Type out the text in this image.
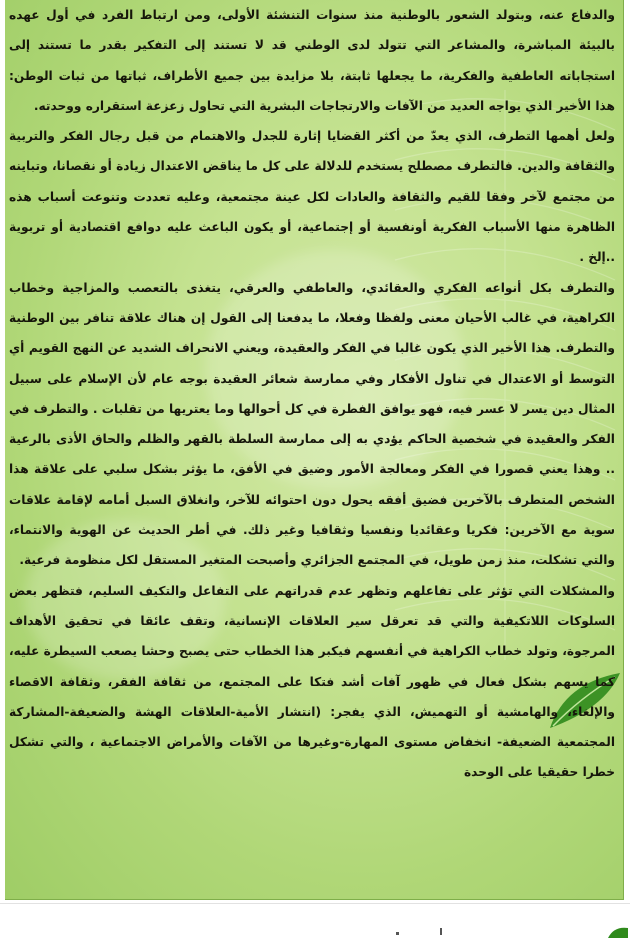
والدفاع عنه، وبتولد الشعور بالوطنية منذ سنوات التنشئة الأولى، ومن ارتباط الفرد في أول عهده بالبيئة المباشرة، والمشاعر التي تتولد لدى الوطني قد لا تستند إلى التفكير بقدر ما تستند إلى استجاباته العاطفية والفكرية، ما يجعلها ثابتة، بلا مزايدة بين جميع الأطراف، ثباتها من ثبات الوطن: هذا الأخير الذي يواجه العديد من الآفات والارتجاجات البشرية التي تحاول زعزعة استقراره ووحدته.

ولعل أهمها التطرف، الذي يعدّ من أكثر القضايا إثارة للجدل والاهتمام من قبل رجال الفكر والتربية والثقافة والدين. فالتطرف مصطلح يستخدم للدلالة على كل ما يناقض الاعتدال زيادة أو نقصانا، وتباينه من مجتمع لآخر وفقا للقيم والثقافة والعادات لكل عينة مجتمعية، وعليه تعددت وتنوعت أسباب هذه الظاهرة منها الأسباب الفكرية أونفسية أو إجتماعية، أو يكون الباعث عليه دوافع اقتصادية أو تربوية ..إلخ .

والتطرف بكل أنواعه الفكري والعقائدي، والعاطفي والعرقي، يتغذى بالتعصب والمزاجية وخطاب الكراهية، في غالب الأحيان معنى ولفظا وفعلا، ما يدفعنا إلى القول إن هناك علاقة تنافر بين الوطنية والتطرف. هذا الأخير الذي يكون غالبا في الفكر والعقيدة، ويعني الانحراف الشديد عن النهج القويم أي التوسط أو الاعتدال في تناول الأفكار وفي ممارسة شعائر العقيدة بوجه عام لأن الإسلام على سبيل المثال دين يسر لا عسر فيه، فهو يوافق الفطرة في كل أحوالها وما يعتريها من تقلبات . والتطرف في الفكر والعقيدة في شخصية الحاكم يؤدي به إلى ممارسة السلطة بالقهر والظلم والحاق الأذى بالرعية .. وهذا يعني قصورا في الفكر ومعالجة الأمور وضيق في الأفق، ما يؤثر بشكل سلبي على علاقة هذا الشخص المتطرف بالآخرين فضيق أفقه يحول دون احتوائه للآخر، وانغلاق السبل أمامه لإقامة علاقات سوية مع الآخرين: فكريا وعقائديا ونفسيا وثقافيا وغير ذلك. في أطر الحديث عن الهوية والانتماء، والتي تشكلت، منذ زمن طويل، في المجتمع الجزائري وأصبحت المتغير المستقل لكل منظومة فرعية.

والمشكلات التي تؤثر على تفاعلهم وتظهر عدم قدراتهم على التفاعل والتكيف السليم، فتظهر بعض السلوكات اللاتكيفية والتي قد تعرقل سير العلاقات الإنسانية، وتقف عائقا في تحقيق الأهداف المرجوة، وتولد خطاب الكراهية في أنفسهم فيكبر هذا الخطاب حتى يصبح وحشا يصعب السيطرة عليه، كما يسهم بشكل فعال في ظهور آفات أشد فتكا على المجتمع، من ثقافة الفقر، وثقافة الاقصاء والإلغاء، والهامشية أو التهميش، الذي يفجر: (انتشار الأمية-العلاقات الهشة والضعيفة-المشاركة المجتمعية الضعيفة- انخفاض مستوى المهارة-وغيرها من الآفات والأمراض الاجتماعية ، والتي تشكل خطرا حقيقيا على الوحدة
